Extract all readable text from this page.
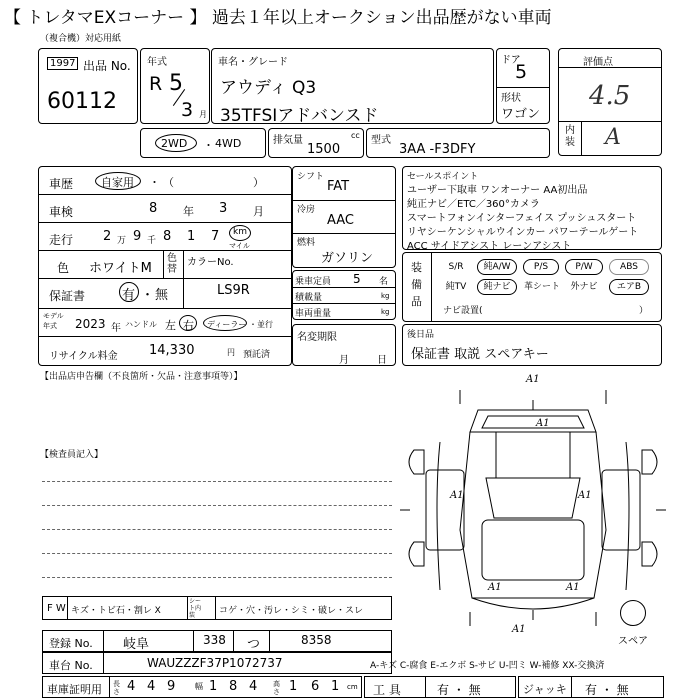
【 トレタマEXコーナー 】 過去１年以上オークション出品歴がない車両
（複合機）対応用紙
1997 出品 No.
60112
年式
R 5
3 月
車名・グレード
アウディ Q3
35TFSIアドバンスド
ドア
5
形状
ワゴン
評価点
4.5
内装 A
2WD	4WD
・	排気量	cc
1500
型式
3AA -F3DFY
車歴	自家用 ・ （	）
車検	8 年 3 月
走行 2 万 9 千 8 1 7 km
マイル
色 ホワイトM
色替
カラーNo.
LS9R
保証書	有 ・ 無
モデル年式	2023 年 ハンドル 左 右 ディーラー ・並行
リサイクル料金 14,330	円 預託済
シフト
FAT
冷房
AAC
燃料
ガソリン
乗車定員 5 名
積載量	kg
車両重量	kg
名変期限
月	日
セールスポイント
ユーザー下取車 ワンオーナー AA初出品
純正ナビ／ETC／360°カメラ
スマートフォンインターフェイス プッシュスタート
リヤシーケンシャルウインカー パワーテールゲート
ACC サイドアシスト レーンアシスト
装備品
S/R	純A/W	P/S	P/W	ABS
純TV	純ナビ	革シート	外ナビ	エアB
ナビ設置(	）
後日品
保証書 取説 スペアキー
【出品店申告欄（不良箇所・欠品・注意事項等）】
【検査員記入】
F W キズ・トビ石・割レ X
シート内装	コゲ・穴・汚レ・シミ・破レ・スレ
A1
A1
A1	A1
A1	A1
A1
スペア
登録 No. 岐阜	338 つ	8358
車台 No.	WAUZZZF37P1072737	A-キズ C-腐食 E-エクボ S-サビ U-凹ミ W-補修 XX-交換済
車庫証明用 長さ 4 4 9 幅 1 8 4 高さ 1 6 1 cm 工 具	有 ・ 無	ジャッキ 有 ・ 無
